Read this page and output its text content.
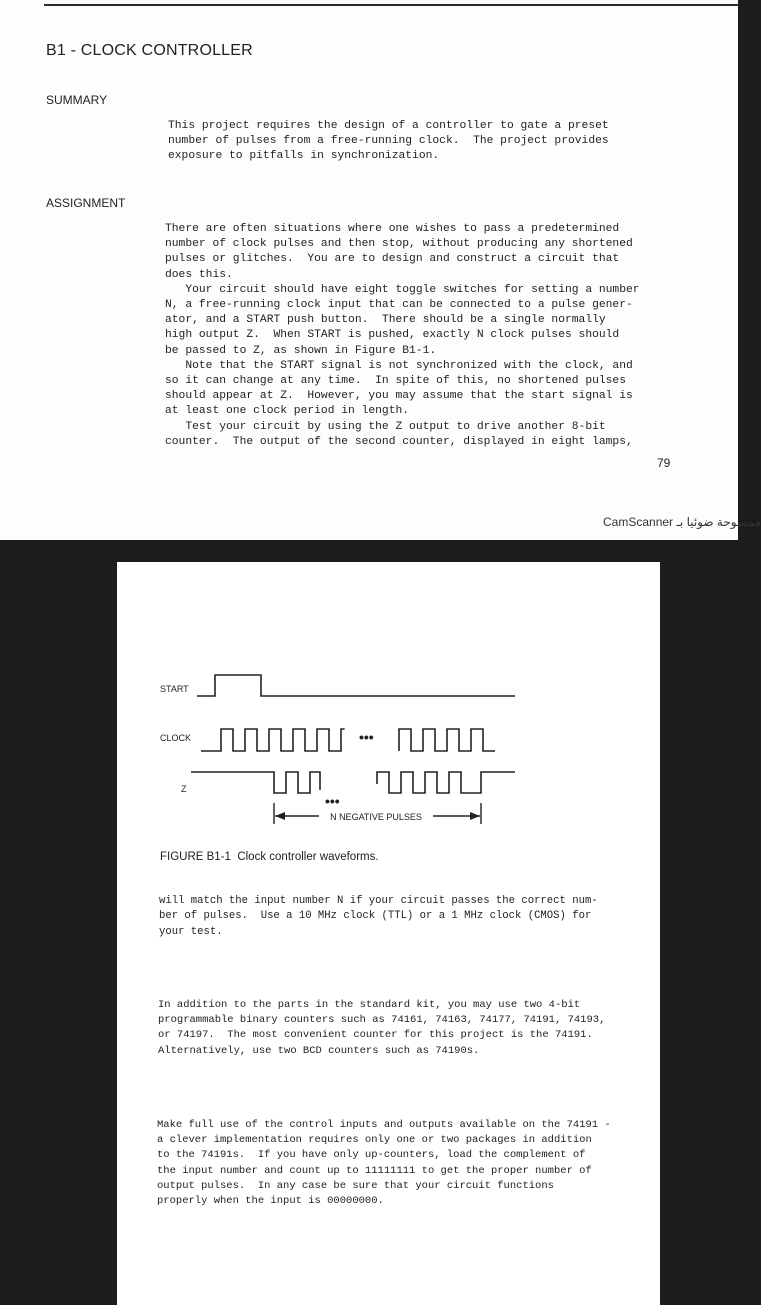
B1 - CLOCK CONTROLLER
SUMMARY
This project requires the design of a controller to gate a preset
number of pulses from a free-running clock.  The project provides
exposure to pitfalls in synchronization.
ASSIGNMENT
There are often situations where one wishes to pass a predetermined
number of clock pulses and then stop, without producing any shortened
pulses or glitches.  You are to design and construct a circuit that
does this.
Your circuit should have eight toggle switches for setting a number
N, a free-running clock input that can be connected to a pulse gener-
ator, and a START push button.  There should be a single normally
high output Z.  When START is pushed, exactly N clock pulses should
be passed to Z, as shown in Figure B1-1.
Note that the START signal is not synchronized with the clock, and
so it can change at any time.  In spite of this, no shortened pulses
should appear at Z.  However, you may assume that the start signal is
at least one clock period in length.
Test your circuit by using the Z output to drive another 8-bit
counter.  The output of the second counter, displayed in eight lamps,
79
CamScanner ممسوحة ضوئيا بـ
START
CLOCK	•••
Z
•••
N NEGATIVE PULSES
FIGURE B1-1  Clock controller waveforms.
will match the input number N if your circuit passes the correct num-
ber of pulses.  Use a 10 MHz clock (TTL) or a 1 MHz clock (CMOS) for
your test.
In addition to the parts in the standard kit, you may use two 4-bit
programmable binary counters such as 74161, 74163, 74177, 74191, 74193,
or 74197.  The most convenient counter for this project is the 74191.
Alternatively, use two BCD counters such as 74190s.
Make full use of the control inputs and outputs available on the 74191 -
a clever implementation requires only one or two packages in addition
to the 74191s.  If you have only up-counters, load the complement of
the input number and count up to 11111111 to get the proper number of
output pulses.  In any case be sure that your circuit functions
properly when the input is 00000000.
